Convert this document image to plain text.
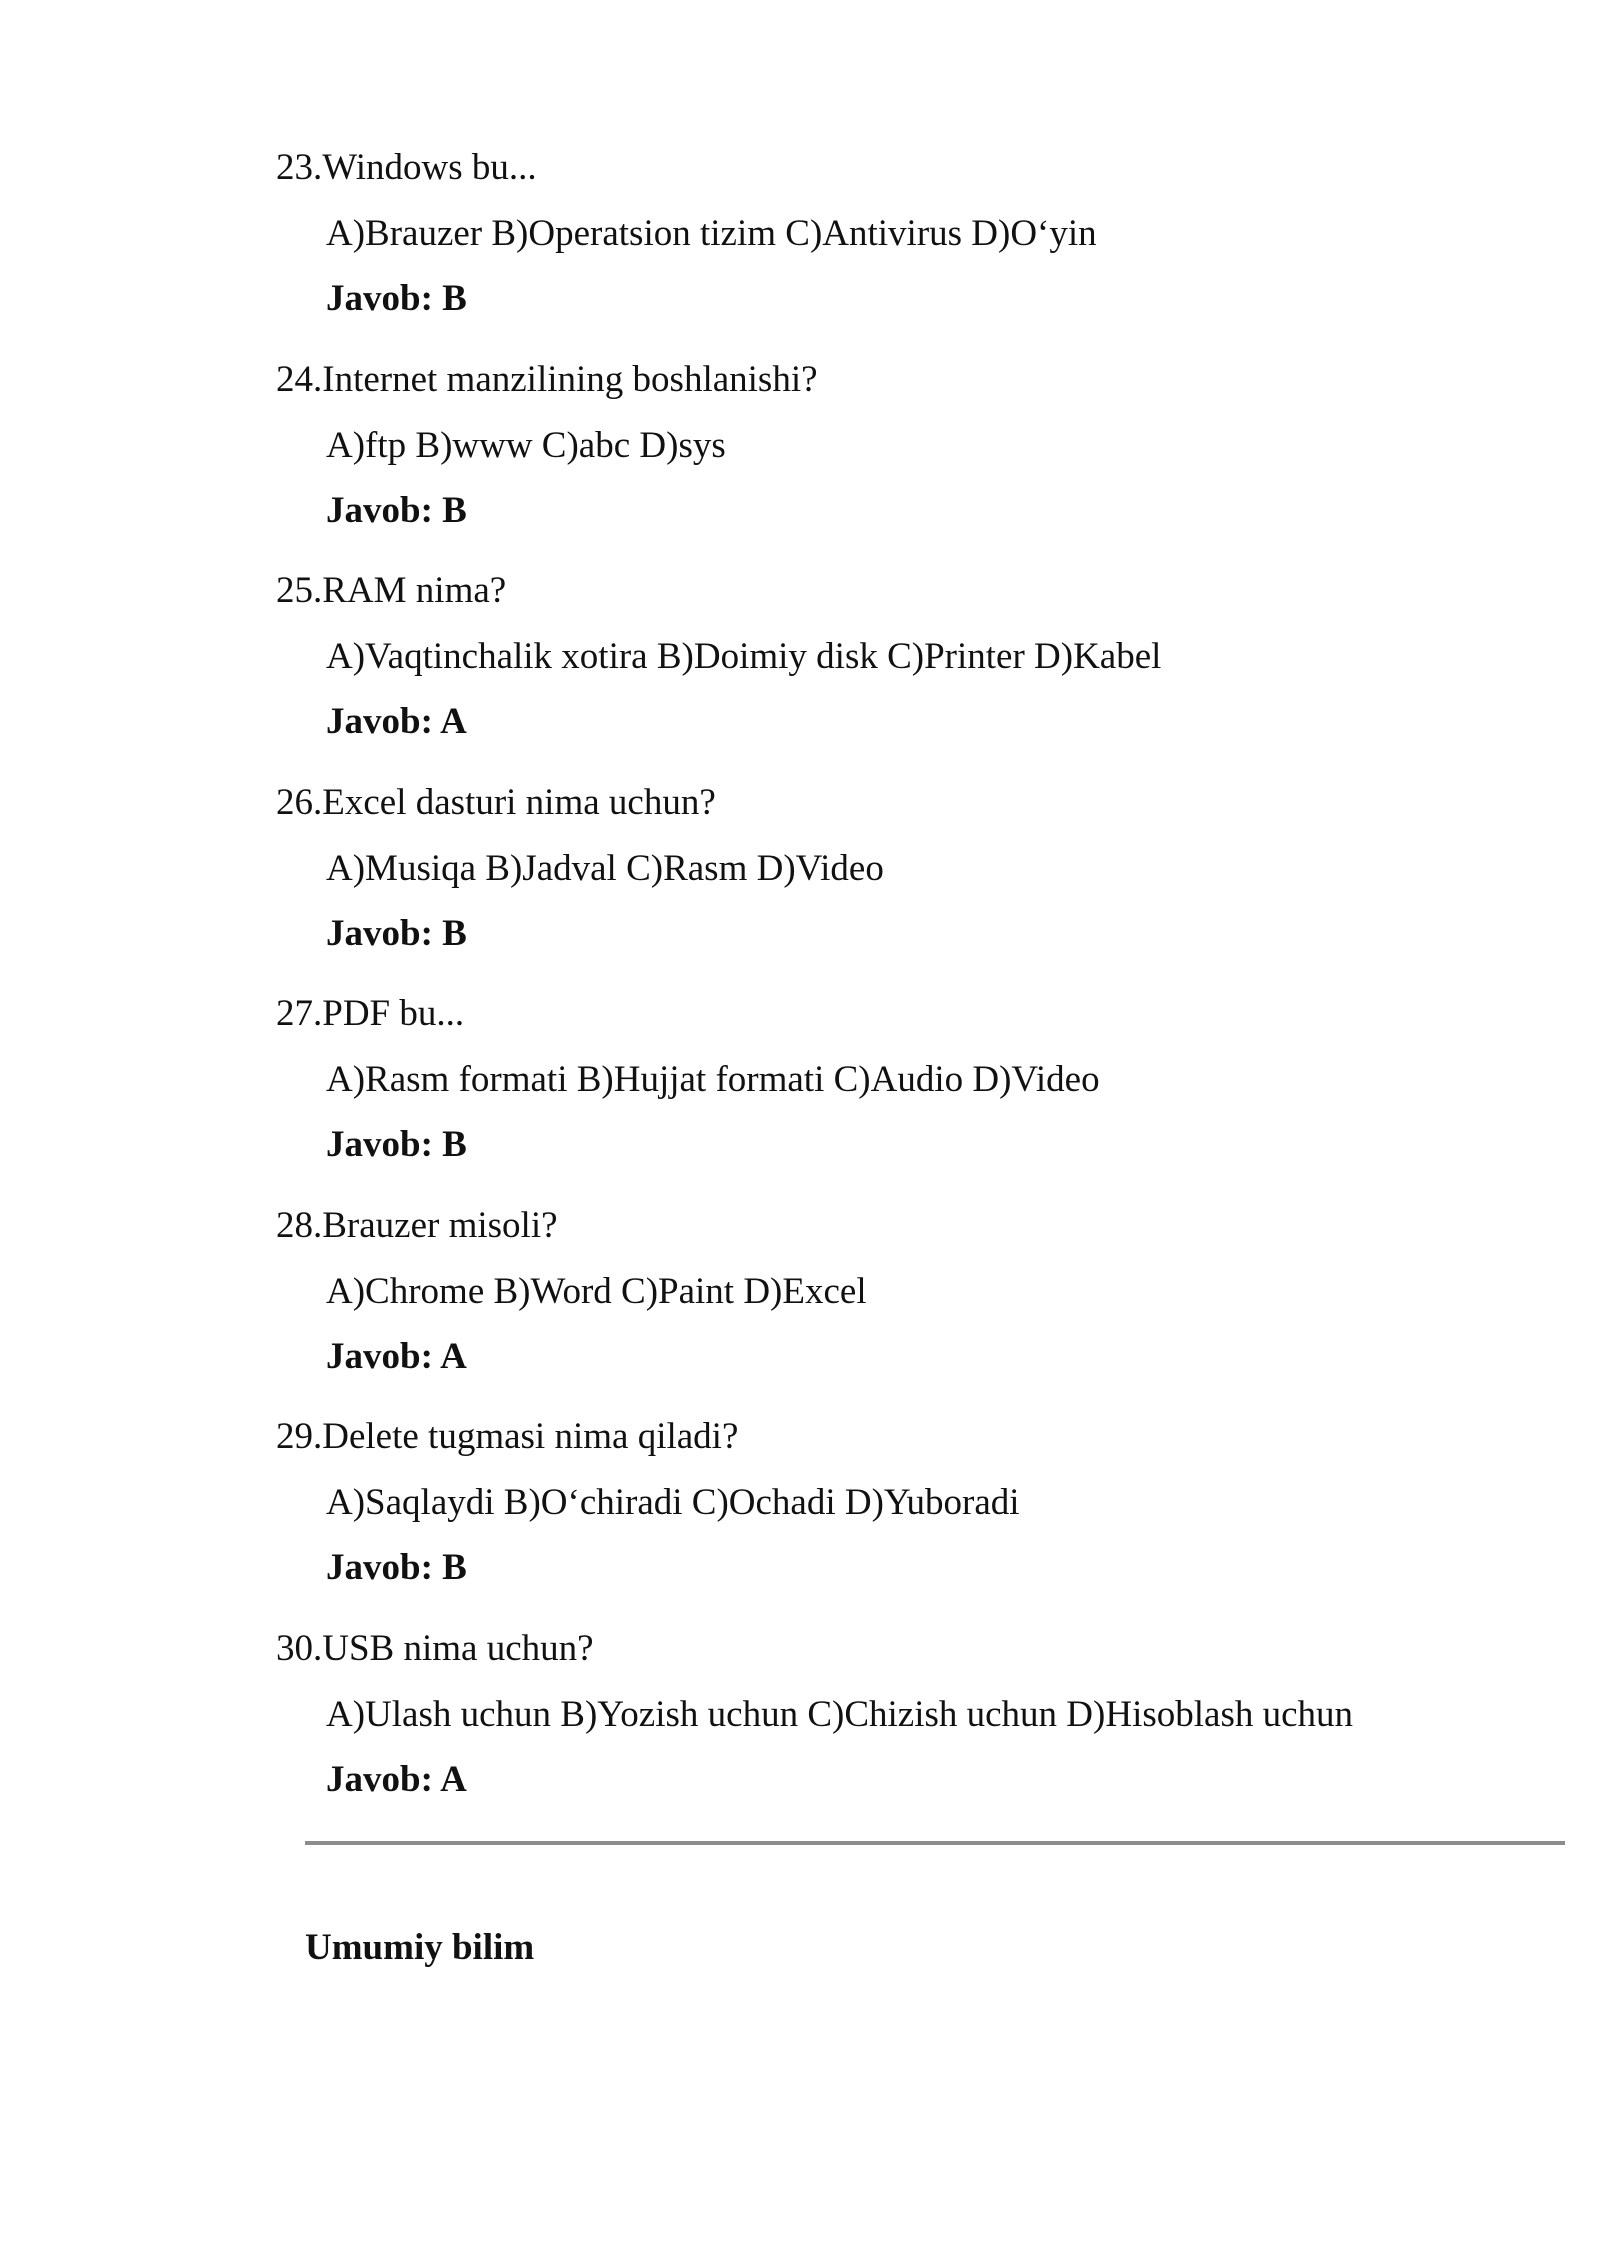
23.Windows bu...
A)Brauzer B)Operatsion tizim C)Antivirus D)O‘yin
Javob: B
24.Internet manzilining boshlanishi?
A)ftp B)www C)abc D)sys
Javob: B
25.RAM nima?
A)Vaqtinchalik xotira B)Doimiy disk C)Printer D)Kabel
Javob: A
26.Excel dasturi nima uchun?
A)Musiqa B)Jadval C)Rasm D)Video
Javob: B
27.PDF bu...
A)Rasm formati B)Hujjat formati C)Audio D)Video
Javob: B
28.Brauzer misoli?
A)Chrome B)Word C)Paint D)Excel
Javob: A
29.Delete tugmasi nima qiladi?
A)Saqlaydi B)O‘chiradi C)Ochadi D)Yuboradi
Javob: B
30.USB nima uchun?
A)Ulash uchun B)Yozish uchun C)Chizish uchun D)Hisoblash uchun
Javob: A
Umumiy bilim
